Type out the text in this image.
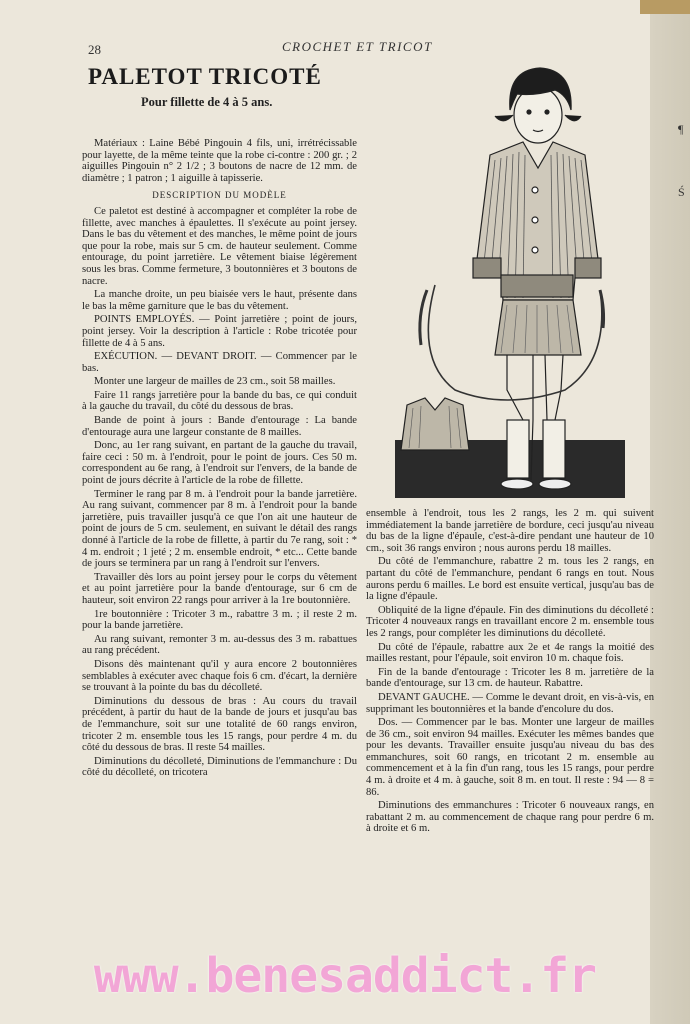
28	CROCHET ET TRICOT
PALETOT TRICOTÉ
Pour fillette de 4 à 5 ans.

Matériaux : Laine Bébé Pingouin 4 fils, uni, irrétrécissable pour layette, de la même teinte que la robe ci-contre : 200 gr. ; 2 aiguilles Pingouin n° 2 1/2 ; 3 boutons de nacre de 12 mm. de diamètre ; 1 patron ; 1 aiguille à tapisserie.

DESCRIPTION DU MODÈLE

Ce paletot est destiné à accompagner et compléter la robe de fillette, avec manches à épaulettes. Il s'exécute au point jersey. Dans le bas du vêtement et des manches, le même point de jours que pour la robe, mais sur 5 cm. de hauteur seulement. Comme entourage, du point jarretière. Le vêtement biaise légèrement sous les bras. Comme fermeture, 3 boutonnières et 3 boutons de nacre.

La manche droite, un peu biaisée vers le haut, présente dans le bas la même garniture que le bas du vêtement.

POINTS EMPLOYÉS. — Point jarretière ; point de jours, point jersey. Voir la description à l'article : Robe tricotée pour fillette de 4 à 5 ans.

EXÉCUTION. — DEVANT DROIT. — Commencer par le bas.

Monter une largeur de mailles de 23 cm., soit 58 mailles.

Faire 11 rangs jarretière pour la bande du bas, ce qui conduit à la gauche du travail, du côté du dessous de bras.

Bande de point à jours : Bande d'entourage : La bande d'entourage aura une largeur constante de 8 mailles.

Donc, au 1er rang suivant, en partant de la gauche du travail, faire ceci : 50 m. à l'endroit, pour le point de jours. Ces 50 m. correspondent au 6e rang, à l'endroit sur l'envers, de la bande de point de jours décrite à l'article de la robe de fillette.

Terminer le rang par 8 m. à l'endroit pour la bande jarretière. Au rang suivant, commencer par 8 m. à l'endroit pour la bande jarretière, puis travailler jusqu'à ce que l'on ait une hauteur de point de jours de 5 cm. seulement, en suivant le détail des rangs donné à l'article de la robe de fillette, à partir du 7e rang, soit : * 4 m. endroit ; 1 jeté ; 2 m. ensemble endroit, * etc... Cette bande de jours se terminera par un rang à l'endroit sur l'envers.

Travailler dès lors au point jersey pour le corps du vêtement et au point jarretière pour la bande d'entourage, sur 6 cm de hauteur, soit environ 22 rangs pour arriver à la 1re boutonnière.

1re boutonnière : Tricoter 3 m., rabattre 3 m. ; il reste 2 m. pour la bande jarretière.

Au rang suivant, remonter 3 m. au-dessus des 3 m. rabattues au rang précédent.

Disons dès maintenant qu'il y aura encore 2 boutonnières semblables à exécuter avec chaque fois 6 cm. d'écart, la dernière se trouvant à la pointe du bas du décolleté.

Diminutions du dessous de bras : Au cours du travail précédent, à partir du haut de la bande de jours et jusqu'au bas de l'emmanchure, soit sur une totalité de 60 rangs environ, tricoter 2 m. ensemble tous les 15 rangs, pour perdre 4 m. du côté du dessous de bras. Il reste 54 mailles.

Diminutions du décolleté, Diminutions de l'emmanchure : Du côté du décolleté, on tricotera

ensemble à l'endroit, tous les 2 rangs, les 2 m. qui suivent immédiatement la bande jarretière de bordure, ceci jusqu'au niveau du bas de la ligne d'épaule, c'est-à-dire pendant une hauteur de 10 cm., soit 36 rangs environ ; nous aurons perdu 18 mailles.

Du côté de l'emmanchure, rabattre 2 m. tous les 2 rangs, en partant du côté de l'emmanchure, pendant 6 rangs en tout. Nous aurons perdu 6 mailles. Le bord est ensuite vertical, jusqu'au bas de la ligne d'épaule.

Obliquité de la ligne d'épaule. Fin des diminutions du décolleté : Tricoter 4 nouveaux rangs en travaillant encore 2 m. ensemble tous les 2 rangs, pour compléter les diminutions du décolleté.

Du côté de l'épaule, rabattre aux 2e et 4e rangs la moitié des mailles restant, pour l'épaule, soit environ 10 m. chaque fois.

Fin de la bande d'entourage : Tricoter les 8 m. jarretière de la bande d'entourage, sur 13 cm. de hauteur. Rabattre.

DEVANT GAUCHE. — Comme le devant droit, en vis-à-vis, en supprimant les boutonnières et la bande d'encolure du dos.

Dos. — Commencer par le bas. Monter une largeur de mailles de 36 cm., soit environ 94 mailles. Exécuter les mêmes bandes que pour les devants. Travailler ensuite jusqu'au niveau du bas des emmanchures, soit 60 rangs, en tricotant 2 m. ensemble au commencement et à la fin d'un rang, tous les 15 rangs, pour perdre 4 m. à droite et 4 m. à gauche, soit 8 m. en tout. Il reste : 94 — 8 = 86.

Diminutions des emmanchures : Tricoter 6 nouveaux rangs, en rabattant 2 m. au commencement de chaque rang pour perdre 6 m. à droite et 6 m.

¶
Ś
www.benesaddict.fr
